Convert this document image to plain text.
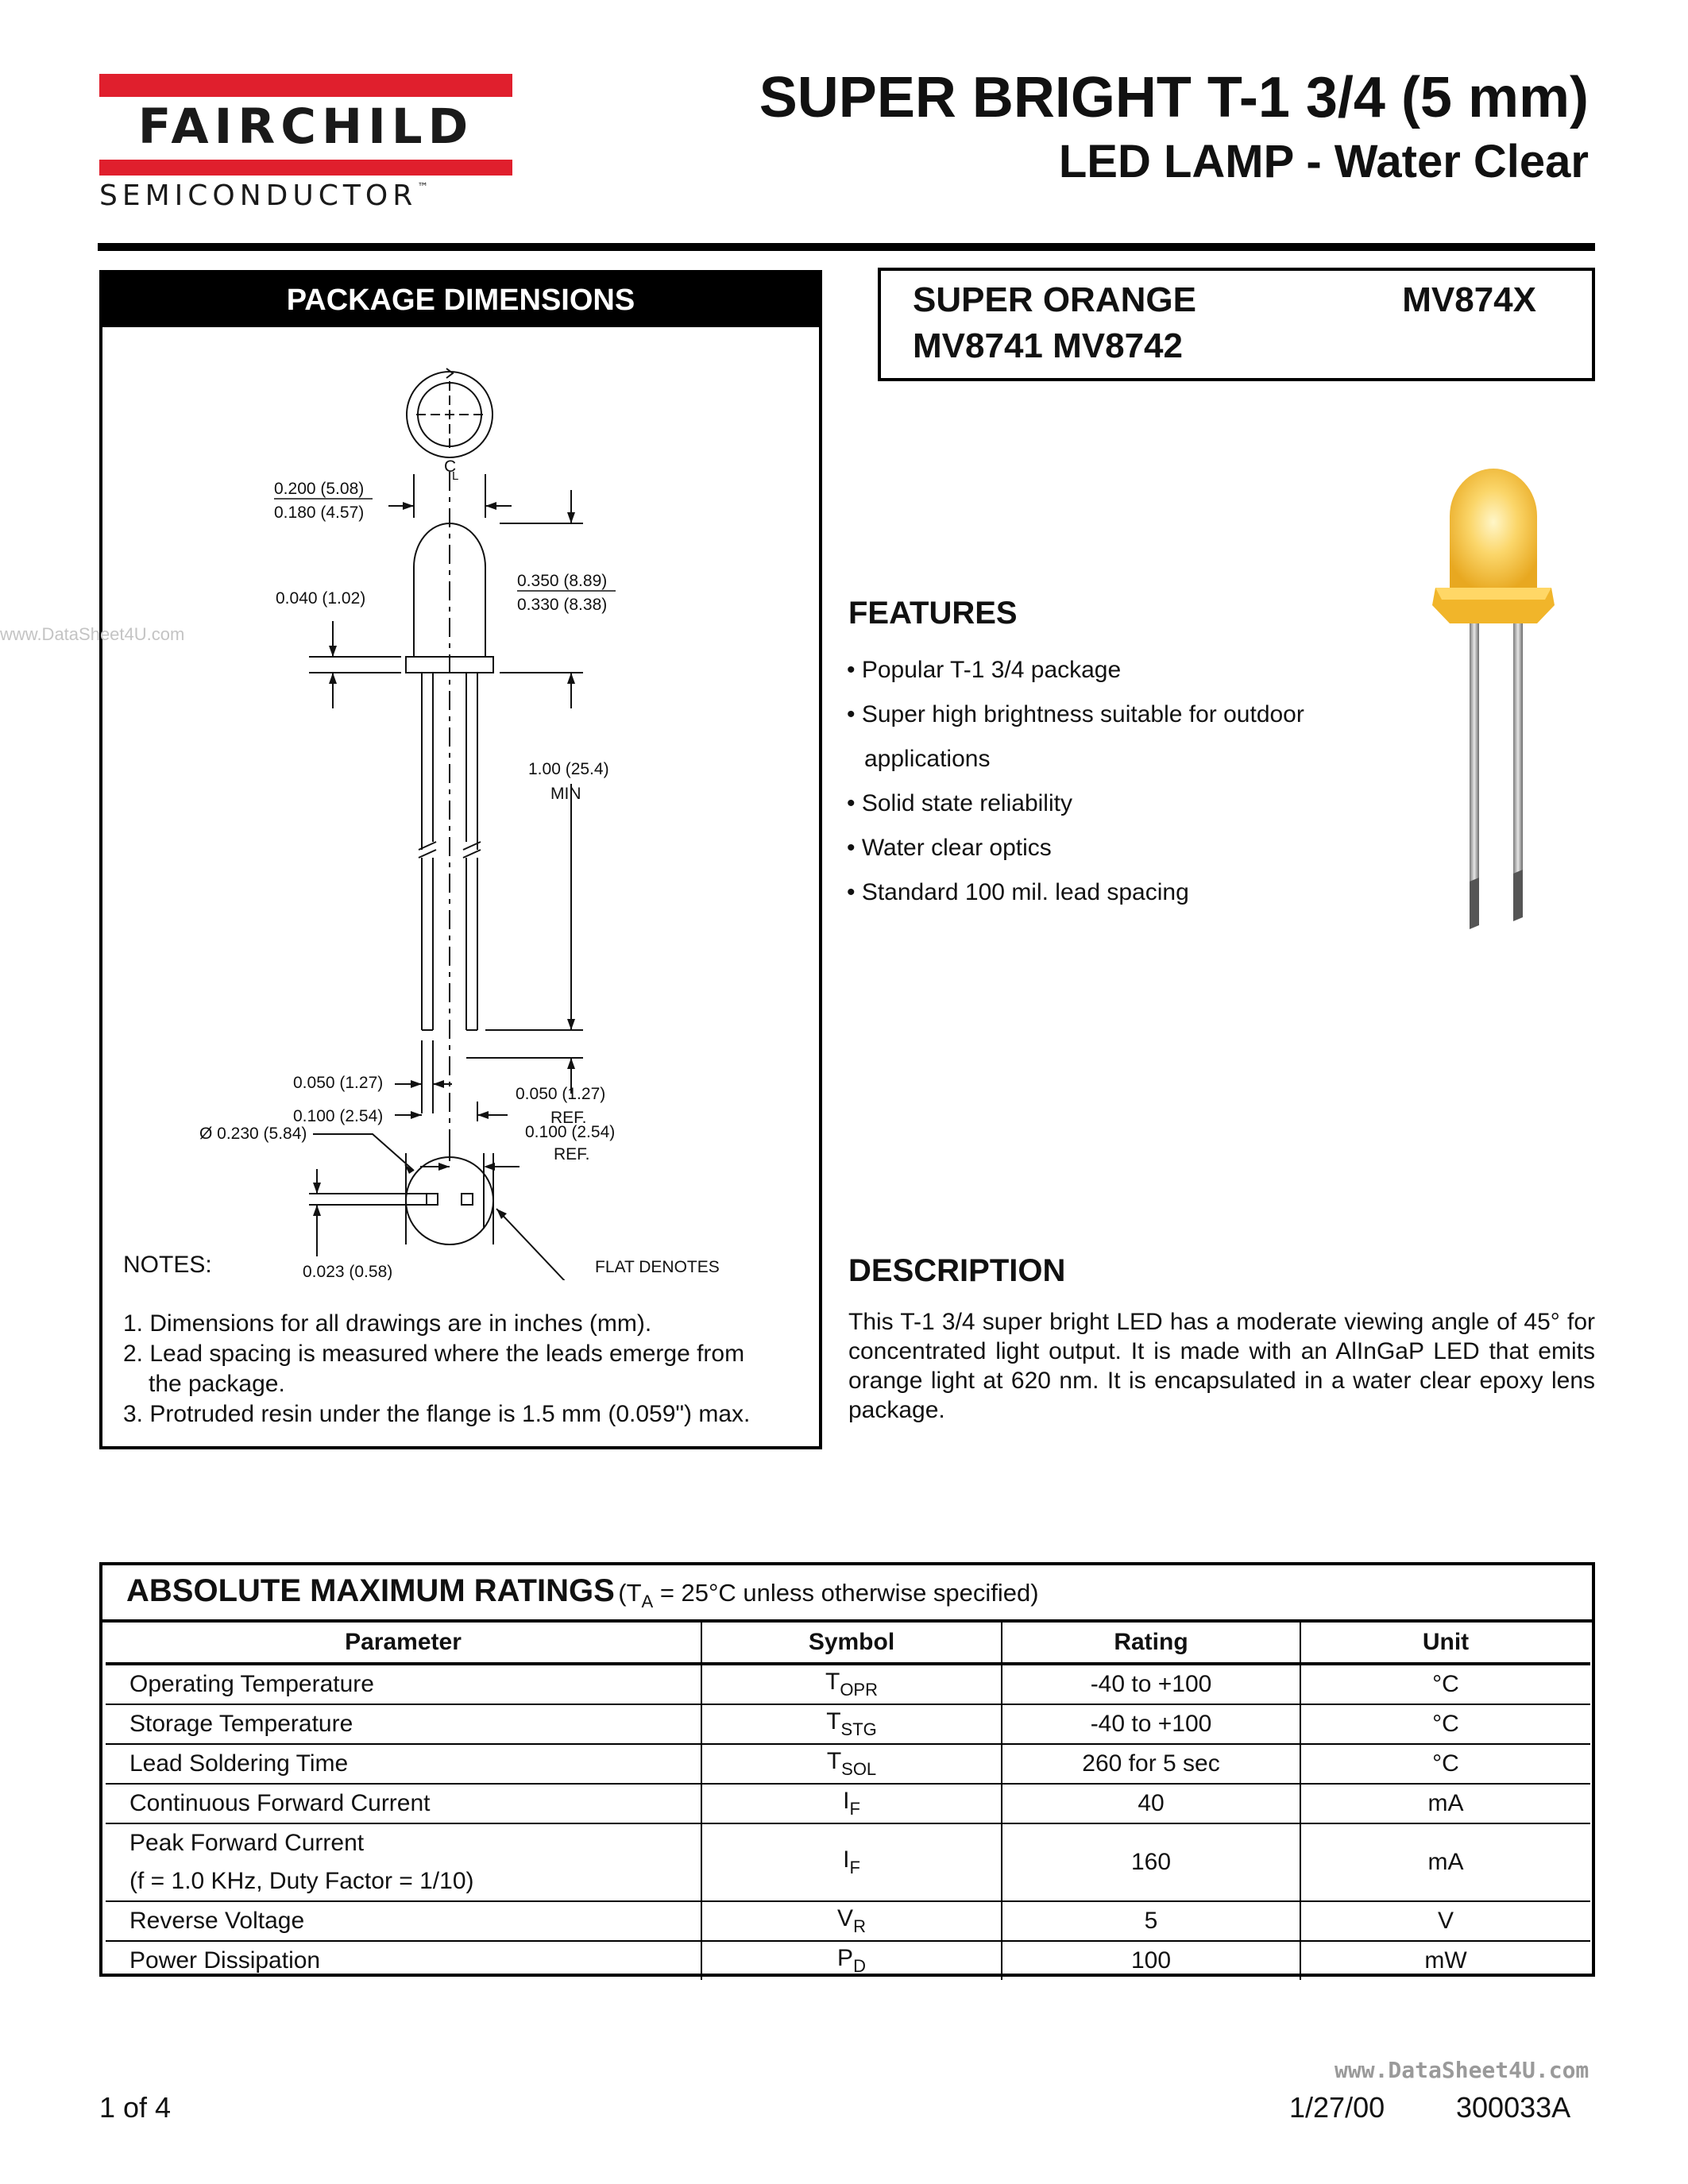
FAIRCHILD
SEMICONDUCTOR™
SUPER BRIGHT T-1 3/4 (5 mm)
LED LAMP - Water Clear
PACKAGE DIMENSIONS
C
L
0.200 (5.08)
0.180 (4.57)
0.040 (1.02)
0.350 (8.89)
0.330 (8.38)
1.00 (25.4)
MIN
0.050 (1.27)
0.050 (1.27)
REF.
0.100 (2.54)
Ø 0.230 (5.84)	0.100 (2.54)
REF.
0.023 (0.58)	FLAT DENOTES
NOTES:
1. Dimensions for all drawings are in inches (mm).
2. Lead spacing is measured where the leads emerge from
the package.
3. Protruded resin under the flange is 1.5 mm (0.059") max.
SUPER ORANGE	MV874X
MV8741 MV8742
FEATURES
• Popular T-1 3/4 package
• Super high brightness suitable for outdoor
applications
• Solid state reliability
• Water clear optics
• Standard 100 mil. lead spacing
DESCRIPTION
This T-1 3/4 super bright LED has a moderate viewing angle of 45° for concentrated light output. It is made with an AlInGaP LED that emits orange light at 620 nm. It is encapsulated in a water clear epoxy lens package.
ABSOLUTE MAXIMUM RATINGS ($T_A = 25^\circ C$ unless otherwise specified)
Parameter	Symbol	Rating	Unit
Operating Temperature	$T_{OPR}$	-40 to +100	°C
Storage Temperature	$T_{STG}$	-40 to +100	°C
Lead Soldering Time	$T_{SOL}$	260 for 5 sec	°C
Continuous Forward Current	$I_F$	40	mA

Peak Forward Current
(f = 1.0 KHz, Duty Factor = 1/10)	$I_F$	160	mA
Reverse Voltage	$V_R$	5	V
Power Dissipation	$P_D$	100	mW
1 of 4	1/27/00 300033A
www.DataSheet4U.com
www.DataSheet4U.com
